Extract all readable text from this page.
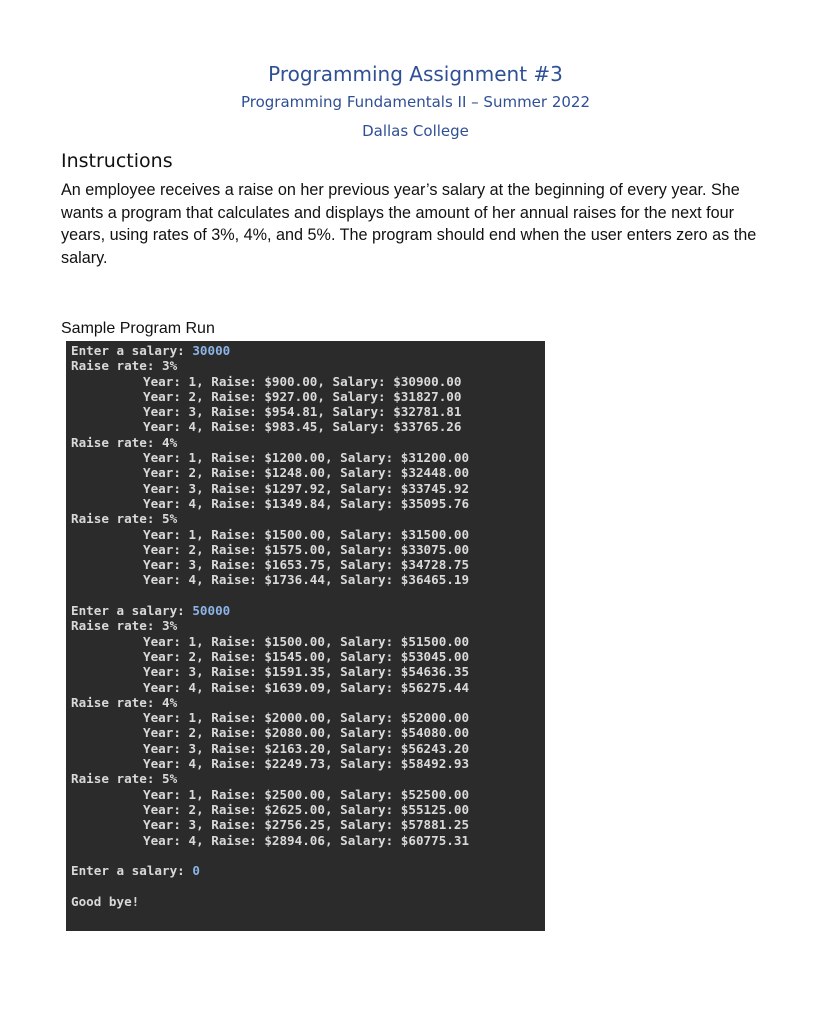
Programming Assignment #3
Programming Fundamentals II – Summer 2022
Dallas College
Instructions

An employee receives a raise on her previous year’s salary at the beginning of every year. She wants a program that calculates and displays the amount of her annual raises for the next four years, using rates of 3%, 4%, and 5%. The program should end when the user enters zero as the salary.

Sample Program Run
Enter a salary: 30000
Raise rate: 3%
Year: 1, Raise: $900.00, Salary: $30900.00
Year: 2, Raise: $927.00, Salary: $31827.00
Year: 3, Raise: $954.81, Salary: $32781.81
Year: 4, Raise: $983.45, Salary: $33765.26
Raise rate: 4%
Year: 1, Raise: $1200.00, Salary: $31200.00
Year: 2, Raise: $1248.00, Salary: $32448.00
Year: 3, Raise: $1297.92, Salary: $33745.92
Year: 4, Raise: $1349.84, Salary: $35095.76
Raise rate: 5%
Year: 1, Raise: $1500.00, Salary: $31500.00
Year: 2, Raise: $1575.00, Salary: $33075.00
Year: 3, Raise: $1653.75, Salary: $34728.75
Year: 4, Raise: $1736.44, Salary: $36465.19
Enter a salary: 50000
Raise rate: 3%
Year: 1, Raise: $1500.00, Salary: $51500.00
Year: 2, Raise: $1545.00, Salary: $53045.00
Year: 3, Raise: $1591.35, Salary: $54636.35
Year: 4, Raise: $1639.09, Salary: $56275.44
Raise rate: 4%
Year: 1, Raise: $2000.00, Salary: $52000.00
Year: 2, Raise: $2080.00, Salary: $54080.00
Year: 3, Raise: $2163.20, Salary: $56243.20
Year: 4, Raise: $2249.73, Salary: $58492.93
Raise rate: 5%
Year: 1, Raise: $2500.00, Salary: $52500.00
Year: 2, Raise: $2625.00, Salary: $55125.00
Year: 3, Raise: $2756.25, Salary: $57881.25
Year: 4, Raise: $2894.06, Salary: $60775.31
Enter a salary: 0
Good bye!
